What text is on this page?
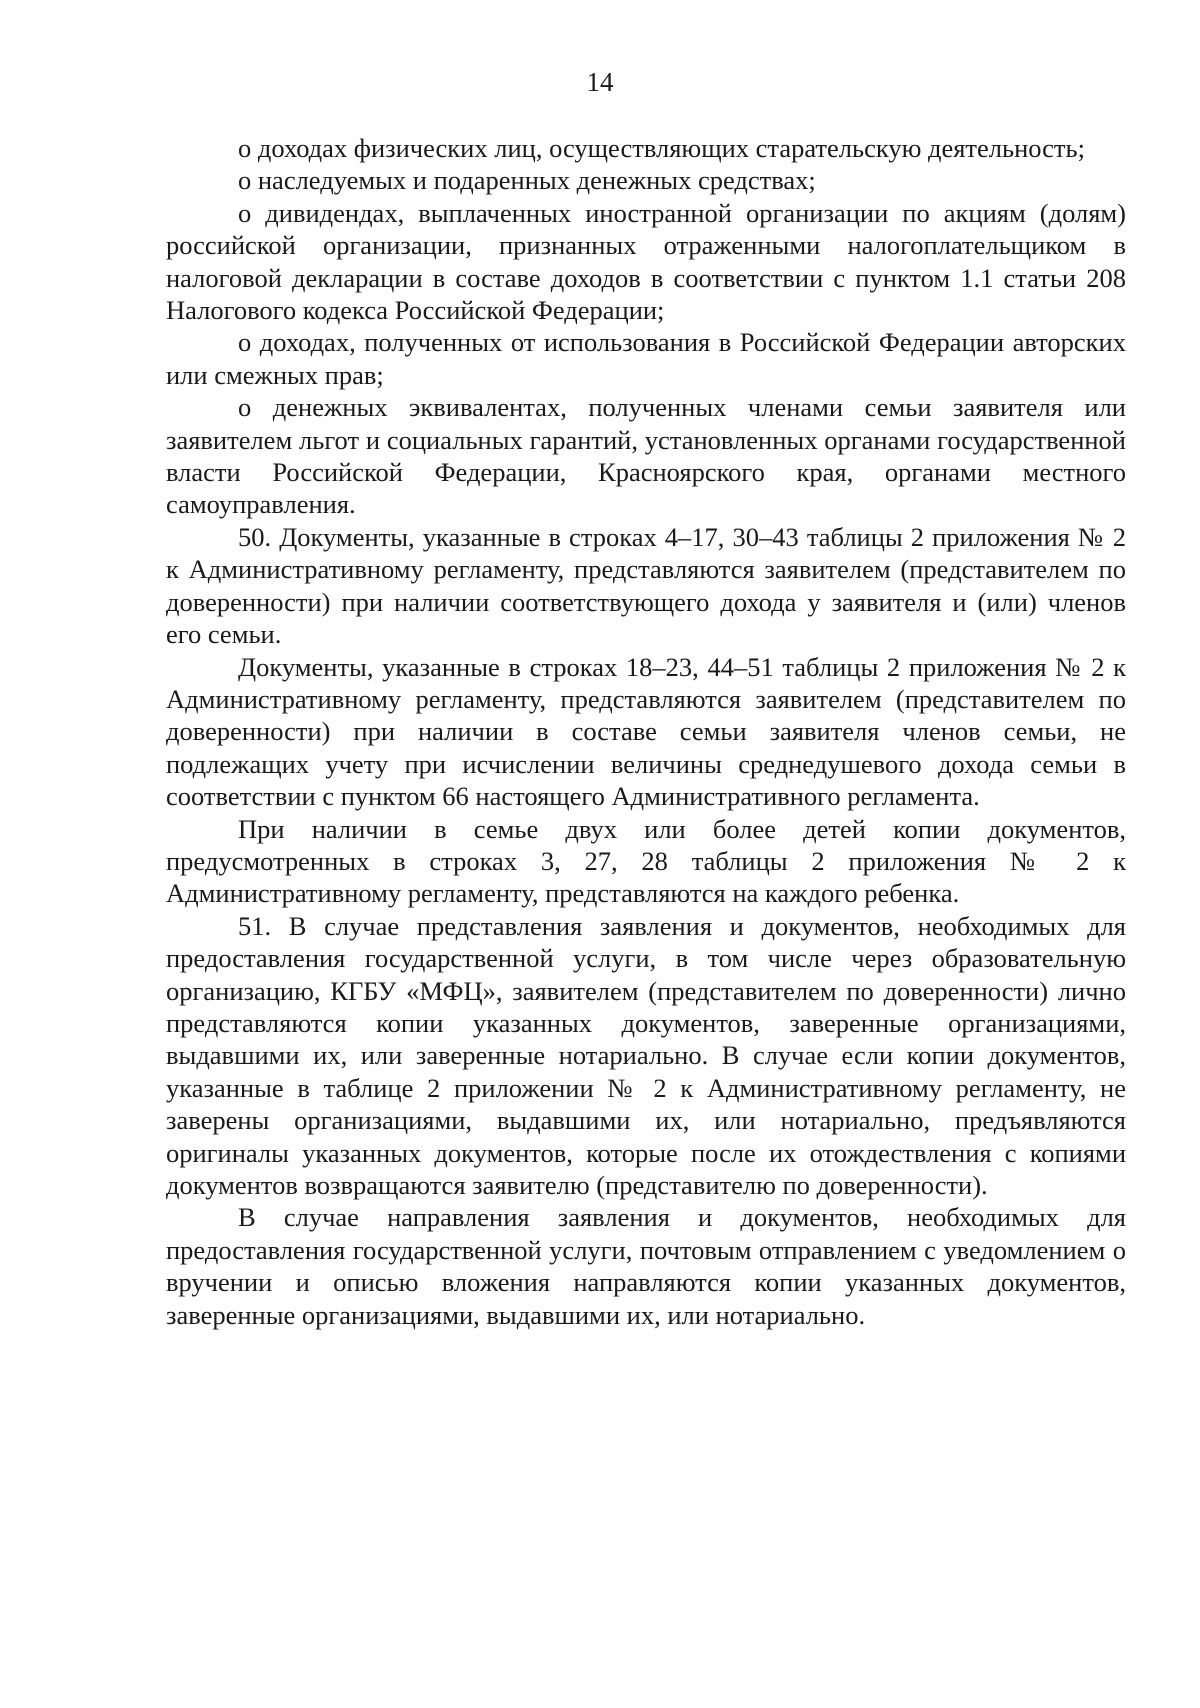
14

о доходах физических лиц, осуществляющих старательскую деятельность;

о наследуемых и подаренных денежных средствах;

о дивидендах, выплаченных иностранной организации по акциям (долям) российской организации, признанных отраженными налогоплательщиком в налоговой декларации в составе доходов в соответствии с пунктом 1.1 статьи 208 Налогового кодекса Российской Федерации;

о доходах, полученных от использования в Российской Федерации авторских или смежных прав;

о денежных эквивалентах, полученных членами семьи заявителя или заявителем льгот и социальных гарантий, установленных органами государственной власти Российской Федерации, Красноярского края, органами местного самоуправления.

50. Документы, указанные в строках 4–17, 30–43 таблицы 2 приложения № 2 к Административному регламенту, представляются заявителем (представителем по доверенности) при наличии соответствующего дохода у заявителя и (или) членов его семьи.

Документы, указанные в строках 18–23, 44–51 таблицы 2 приложения № 2 к Административному регламенту, представляются заявителем (представителем по доверенности) при наличии в составе семьи заявителя членов семьи, не подлежащих учету при исчислении величины среднедушевого дохода семьи в соответствии с пунктом 66 настоящего Административного регламента.

При наличии в семье двух или более детей копии документов, предусмотренных в строках 3, 27, 28 таблицы 2 приложения № 2 к Административному регламенту, представляются на каждого ребенка.

51. В случае представления заявления и документов, необходимых для предоставления государственной услуги, в том числе через образовательную организацию, КГБУ «МФЦ», заявителем (представителем по доверенности) лично представляются копии указанных документов, заверенные организациями, выдавшими их, или заверенные нотариально. В случае если копии документов, указанные в таблице 2 приложении № 2 к Административному регламенту, не заверены организациями, выдавшими их, или нотариально, предъявляются оригиналы указанных документов, которые после их отождествления с копиями документов возвращаются заявителю (представителю по доверенности).

В случае направления заявления и документов, необходимых для предоставления государственной услуги, почтовым отправлением с уведомлением о вручении и описью вложения направляются копии указанных документов, заверенные организациями, выдавшими их, или нотариально.
